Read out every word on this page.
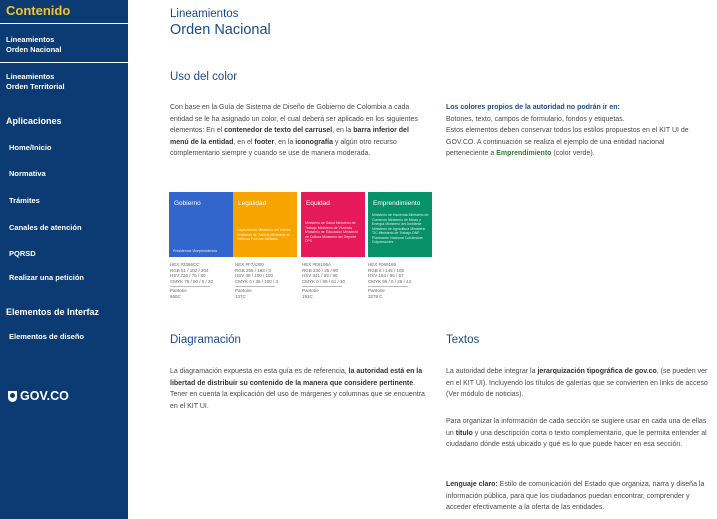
Contenido
Lineamientos
Orden Nacional
Lineamientos
Orden Territorial
Aplicaciones
Home/Inicio
Normativa
Trámites
Canales de atención
PQRSD
Realizar una petición
Elementos de Interfaz
Elementos de diseño
GOV.CO
Lineamientos
Orden Nacional
Uso del color

Con base en la Guía de Sistema de Diseño de Gobierno de Colombia a cada entidad se le ha asignado un color, el cual deberá ser aplicado en los siguientes elementos: En el contenedor de texto del carrusel, en la barra inferior del menú de la entidad, en el footer, en la iconografía y algún otro recurso complementario siempre y cuando se use de manera moderada.

Los colores propios de la autoridad no podrán ir en:
Botones, texto, campos de formulario, fondos y etiquetas.
Estos elementos deben conservar todos los estilos propuestos en el KIT UI de GOV.CO. A continuación se realiza el ejemplo de una entidad nacional perteneciente a Emprendimiento (color verde).

Gobierno
Presidencia Vicepresidencia
Legalidad
Capacitación Ministerio del Interior Ministerio de Justicia Ministerio de Defensa Fuerzas militares
Equidad
Ministerio de Salud Ministerio de Trabajo Ministerio de Vivienda Ministerio de Educación Ministerio de Cultura Ministerio del Deporte DPS
Emprendimiento
Ministerio de Hacienda Ministerio de Comercio Ministerio de Minas y Energía Ministerio del Ambiente Ministerio de Agricultura Ministerio TIC Ministerio de Trabajo DNP - Planeación Nacional Colciencias Colpensiones
HEX #3366CC
RGB 51 / 102 / 204
HSV 220 / 75 / 80
CMYK 75 / 50 / 0 / 20
Pantone
660C
HEX #F7A300
RGB 255 / 163 / 0
HSV 39 / 100 / 100
CMYK 0 / 36 / 100 / 3
Pantone
137C
HEX #E6195A
RGB 230 / 25 / 90
HSV 341 / 89 / 90
CMYK 0 / 89 / 61 / 10
Pantone
192C
HEX #069169
RGB 6 / 145 / 105
HSV 163 / 96 / 57
CMYK 96 / 0 / 28 / 43
Pantone
3278 C
Diagramación

La diagramación expuesta en esta guía es de referencia, la autoridad está en la libertad de distribuir su contenido de la manera que considere pertinente. Tener en cuenta la explicación del uso de márgenes y columnas que se encuentra en el KIT UI.

Textos

La autoridad debe integrar la jerarquización tipográfica de gov.co, (se pueden ver en el KIT UI). Incluyendo los títulos de galerías que se convierten en links de acceso (Ver módulo de noticias).

Para organizar la información de cada sección se sugiere usar en cada una de ellas un título y una descripción corta o texto complementario, que le permita entender al ciudadano dónde está ubicado y qué es lo que puede hacer en esa sección.

Lenguaje claro: Estilo de comunicación del Estado que organiza, narra y diseña la información pública, para que los ciudadanos puedan encontrar, comprender y acceder efectivamente a la oferta de las entidades.
